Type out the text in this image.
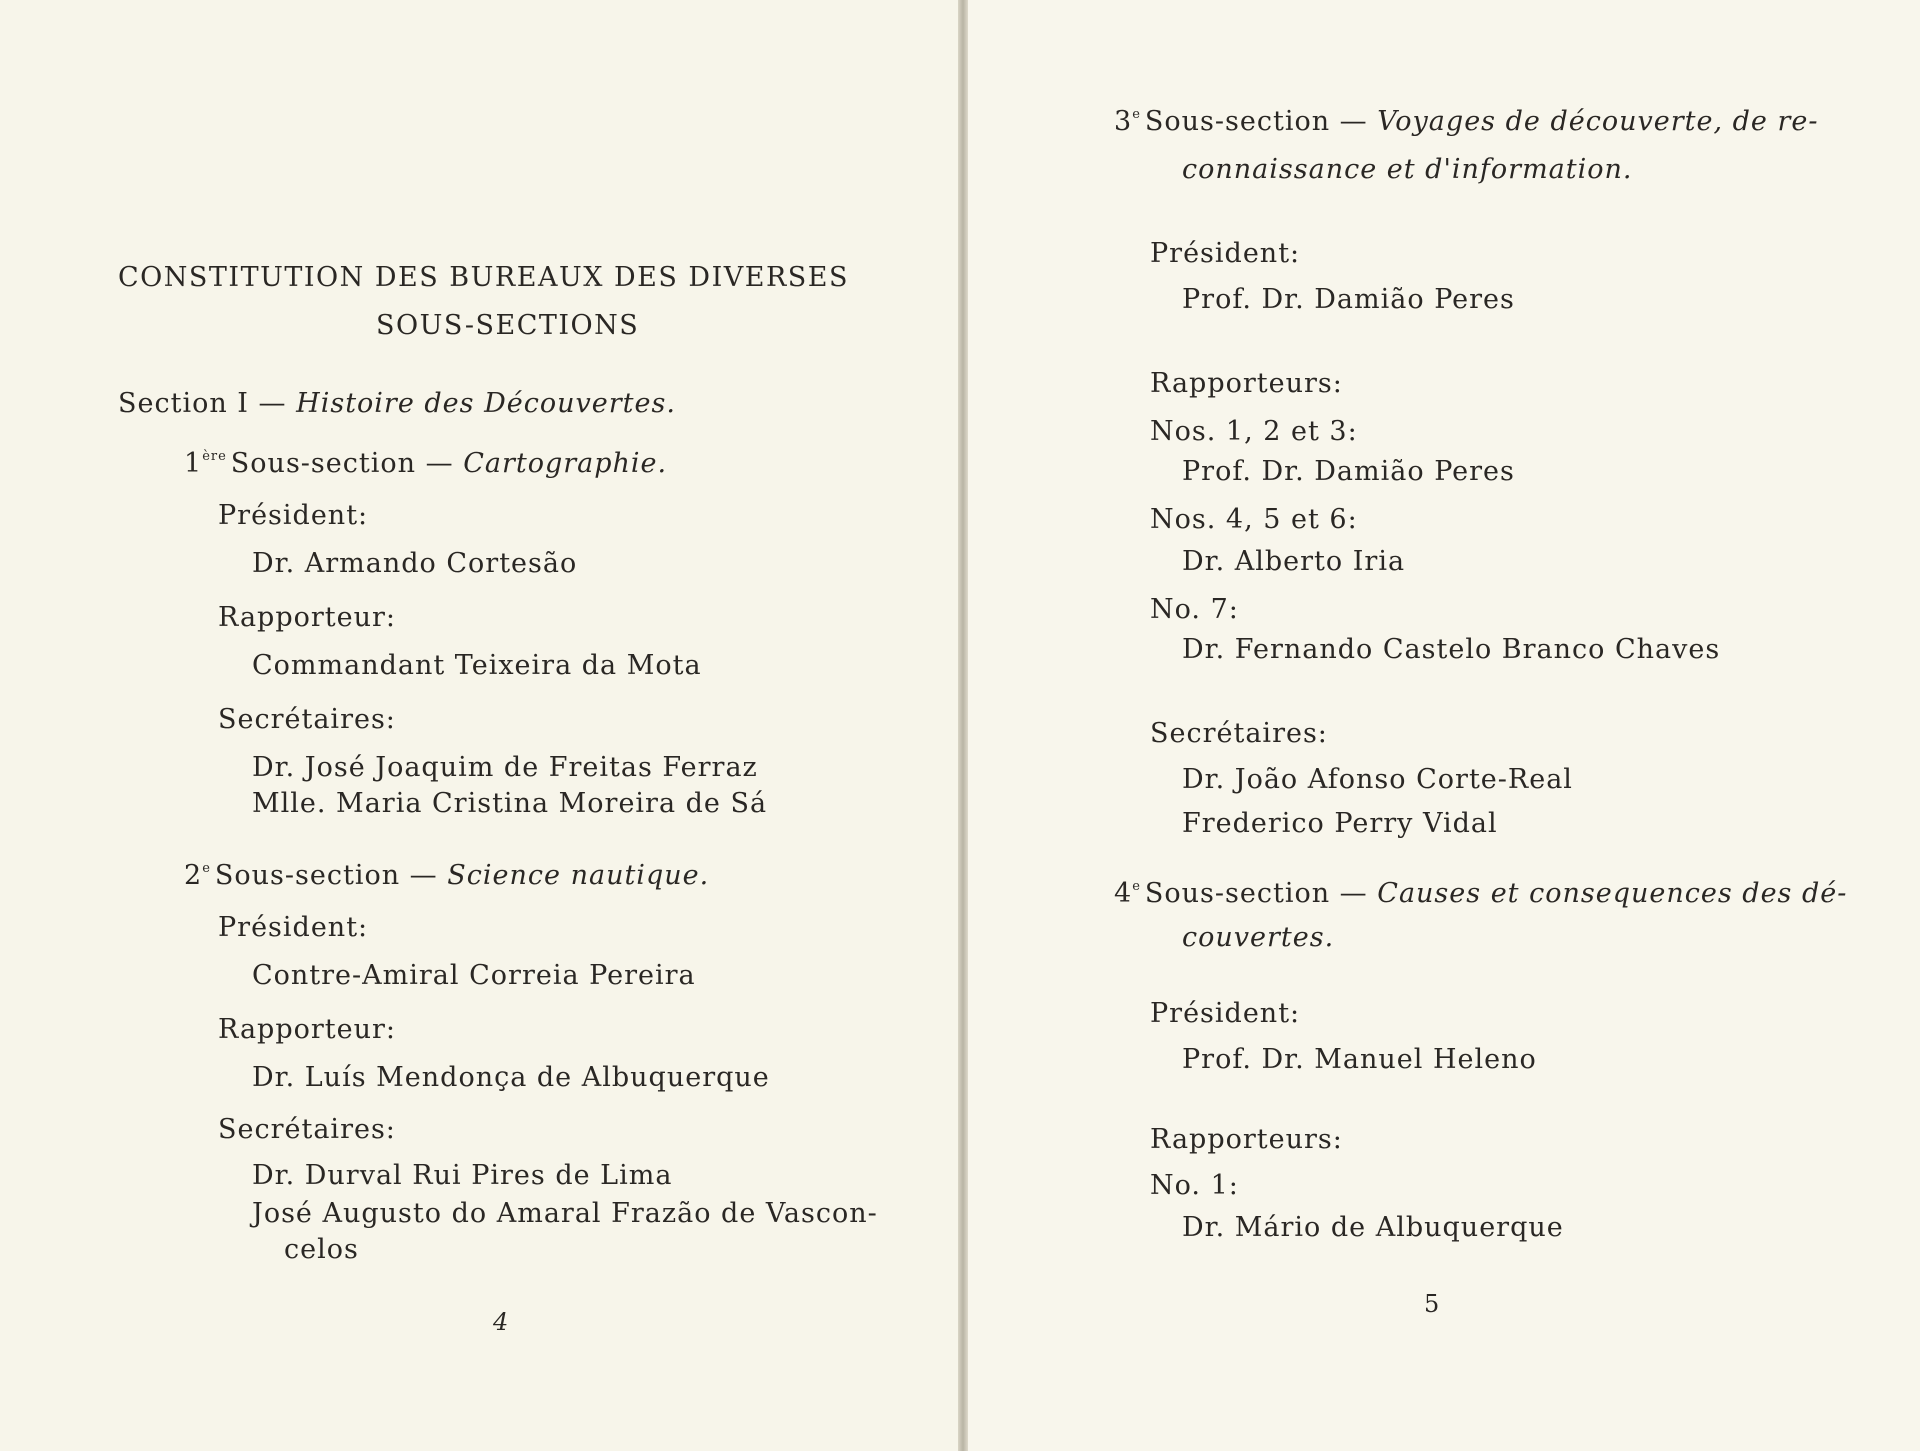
CONSTITUTION DES BUREAUX DES DIVERSES
SOUS-SECTIONS
Section I — Histoire des Découvertes.
1ère Sous-section — Cartographie.
Président:
Dr. Armando Cortesão
Rapporteur:
Commandant Teixeira da Mota
Secrétaires:
Dr. José Joaquim de Freitas Ferraz
Mlle. Maria Cristina Moreira de Sá
2e Sous-section — Science nautique.
Président:
Contre-Amiral Correia Pereira
Rapporteur:
Dr. Luís Mendonça de Albuquerque
Secrétaires:
Dr. Durval Rui Pires de Lima
José Augusto do Amaral Frazão de Vascon-
celos
4
3e Sous-section — Voyages de découverte, de re-
connaissance et d'information.
Président:
Prof. Dr. Damião Peres
Rapporteurs:
Nos. 1, 2 et 3:
Prof. Dr. Damião Peres
Nos. 4, 5 et 6:
Dr. Alberto Iria
No. 7:
Dr. Fernando Castelo Branco Chaves
Secrétaires:
Dr. João Afonso Corte-Real
Frederico Perry Vidal
4e Sous-section — Causes et consequences des dé-
couvertes.
Président:
Prof. Dr. Manuel Heleno
Rapporteurs:
No. 1:
Dr. Mário de Albuquerque
5
